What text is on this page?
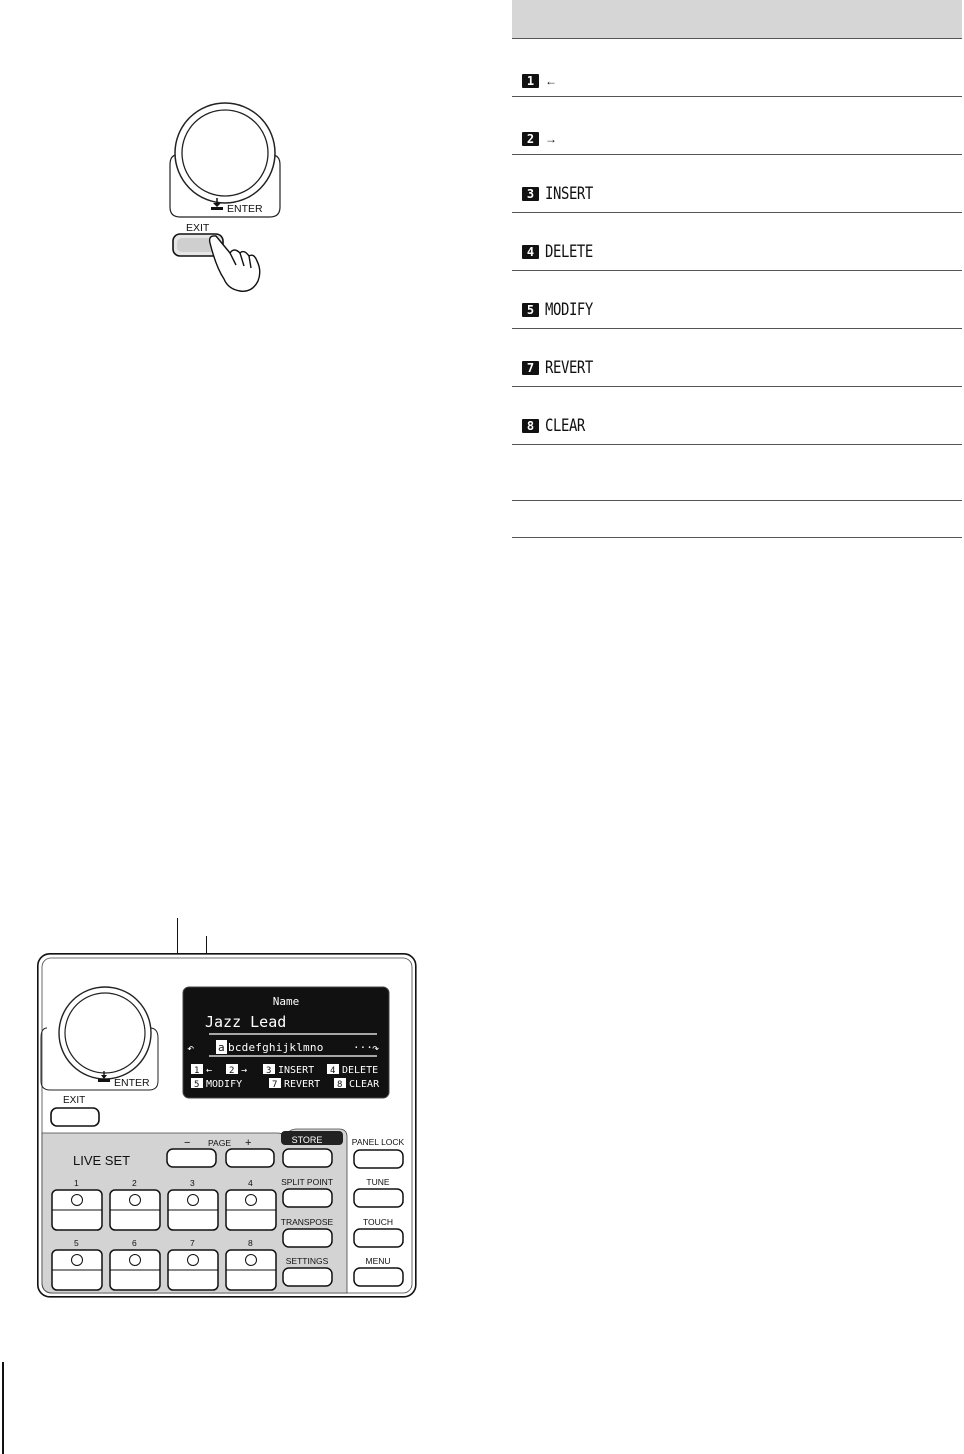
ENTER
EXIT
1 ←
2 →
3 INSERT
4 DELETE
5 MODIFY
7 REVERT
8 CLEAR
ENTER
EXIT
Name
Jazz Lead
↶ a bcdefghijklmno	··· ↷
1 ← 2 → 3 INSERT 4 DELETE
5 MODIFY	7 REVERT 8 CLEAR
LIVE SET
− PAGE +	STORE
1	2	3	4
5	6	7	8
SPLIT POINT
TRANSPOSE
SETTINGS
PANEL LOCK
TUNE
TOUCH
MENU
